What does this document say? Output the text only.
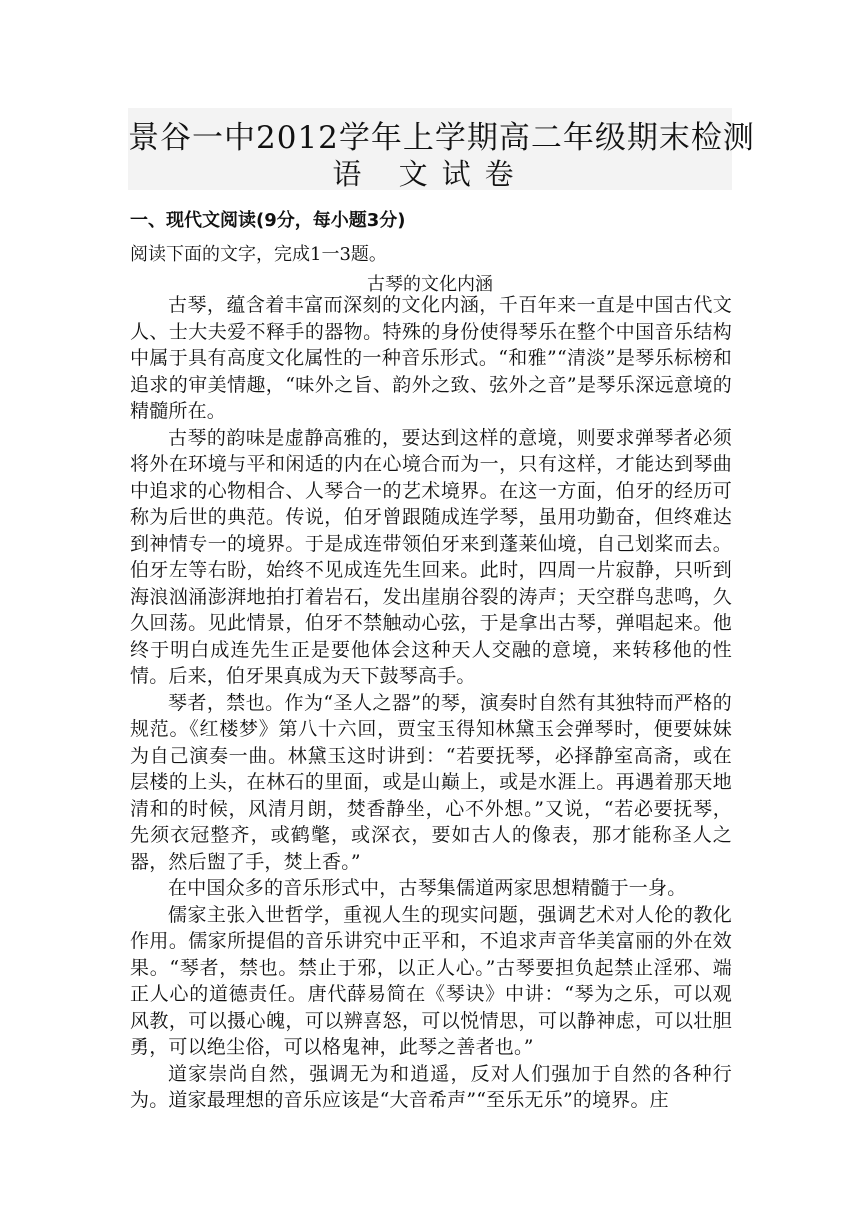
景谷一中2012学年上学期高二年级期末检测
语 文试卷
一、现代文阅读(9分，每小题3分)
阅读下面的文字，完成1一3题。
古琴的文化内涵

古琴，蕴含着丰富而深刻的文化内涵，千百年来一直是中国古代文人、士大夫爱不释手的器物。特殊的身份使得琴乐在整个中国音乐结构中属于具有高度文化属性的一种音乐形式。“和雅”“清淡”是琴乐标榜和追求的审美情趣，“味外之旨、韵外之致、弦外之音”是琴乐深远意境的精髓所在。

古琴的韵味是虚静高雅的，要达到这样的意境，则要求弹琴者必须将外在环境与平和闲适的内在心境合而为一，只有这样，才能达到琴曲中追求的心物相合、人琴合一的艺术境界。在这一方面，伯牙的经历可称为后世的典范。传说，伯牙曾跟随成连学琴，虽用功勤奋，但终难达到神情专一的境界。于是成连带领伯牙来到蓬莱仙境，自己划桨而去。伯牙左等右盼，始终不见成连先生回来。此时，四周一片寂静，只听到海浪汹涌澎湃地拍打着岩石，发出崖崩谷裂的涛声；天空群鸟悲鸣，久久回荡。见此情景，伯牙不禁触动心弦，于是拿出古琴，弹唱起来。他终于明白成连先生正是要他体会这种天人交融的意境，来转移他的性情。后来，伯牙果真成为天下鼓琴高手。

琴者，禁也。作为“圣人之器”的琴，演奏时自然有其独特而严格的规范。《红楼梦》第八十六回，贾宝玉得知林黛玉会弹琴时，便要妹妹为自己演奏一曲。林黛玉这时讲到：“若要抚琴，必择静室高斋，或在层楼的上头，在林石的里面，或是山巅上，或是水涯上。再遇着那天地清和的时候，风清月朗，焚香静坐，心不外想。”又说，“若必要抚琴，先须衣冠整齐，或鹤氅，或深衣，要如古人的像表，那才能称圣人之器，然后盥了手，焚上香。”

在中国众多的音乐形式中，古琴集儒道两家思想精髓于一身。

儒家主张入世哲学，重视人生的现实问题，强调艺术对人伦的教化作用。儒家所提倡的音乐讲究中正平和，不追求声音华美富丽的外在效果。“琴者，禁也。禁止于邪，以正人心。”古琴要担负起禁止淫邪、端正人心的道德责任。唐代薛易简在《琴诀》中讲：“琴为之乐，可以观风教，可以摄心魄，可以辨喜怒，可以悦情思，可以静神虑，可以壮胆勇，可以绝尘俗，可以格鬼神，此琴之善者也。”

道家崇尚自然，强调无为和逍遥，反对人们强加于自然的各种行为。道家最理想的音乐应该是“大音希声”“至乐无乐”的境界。庄
